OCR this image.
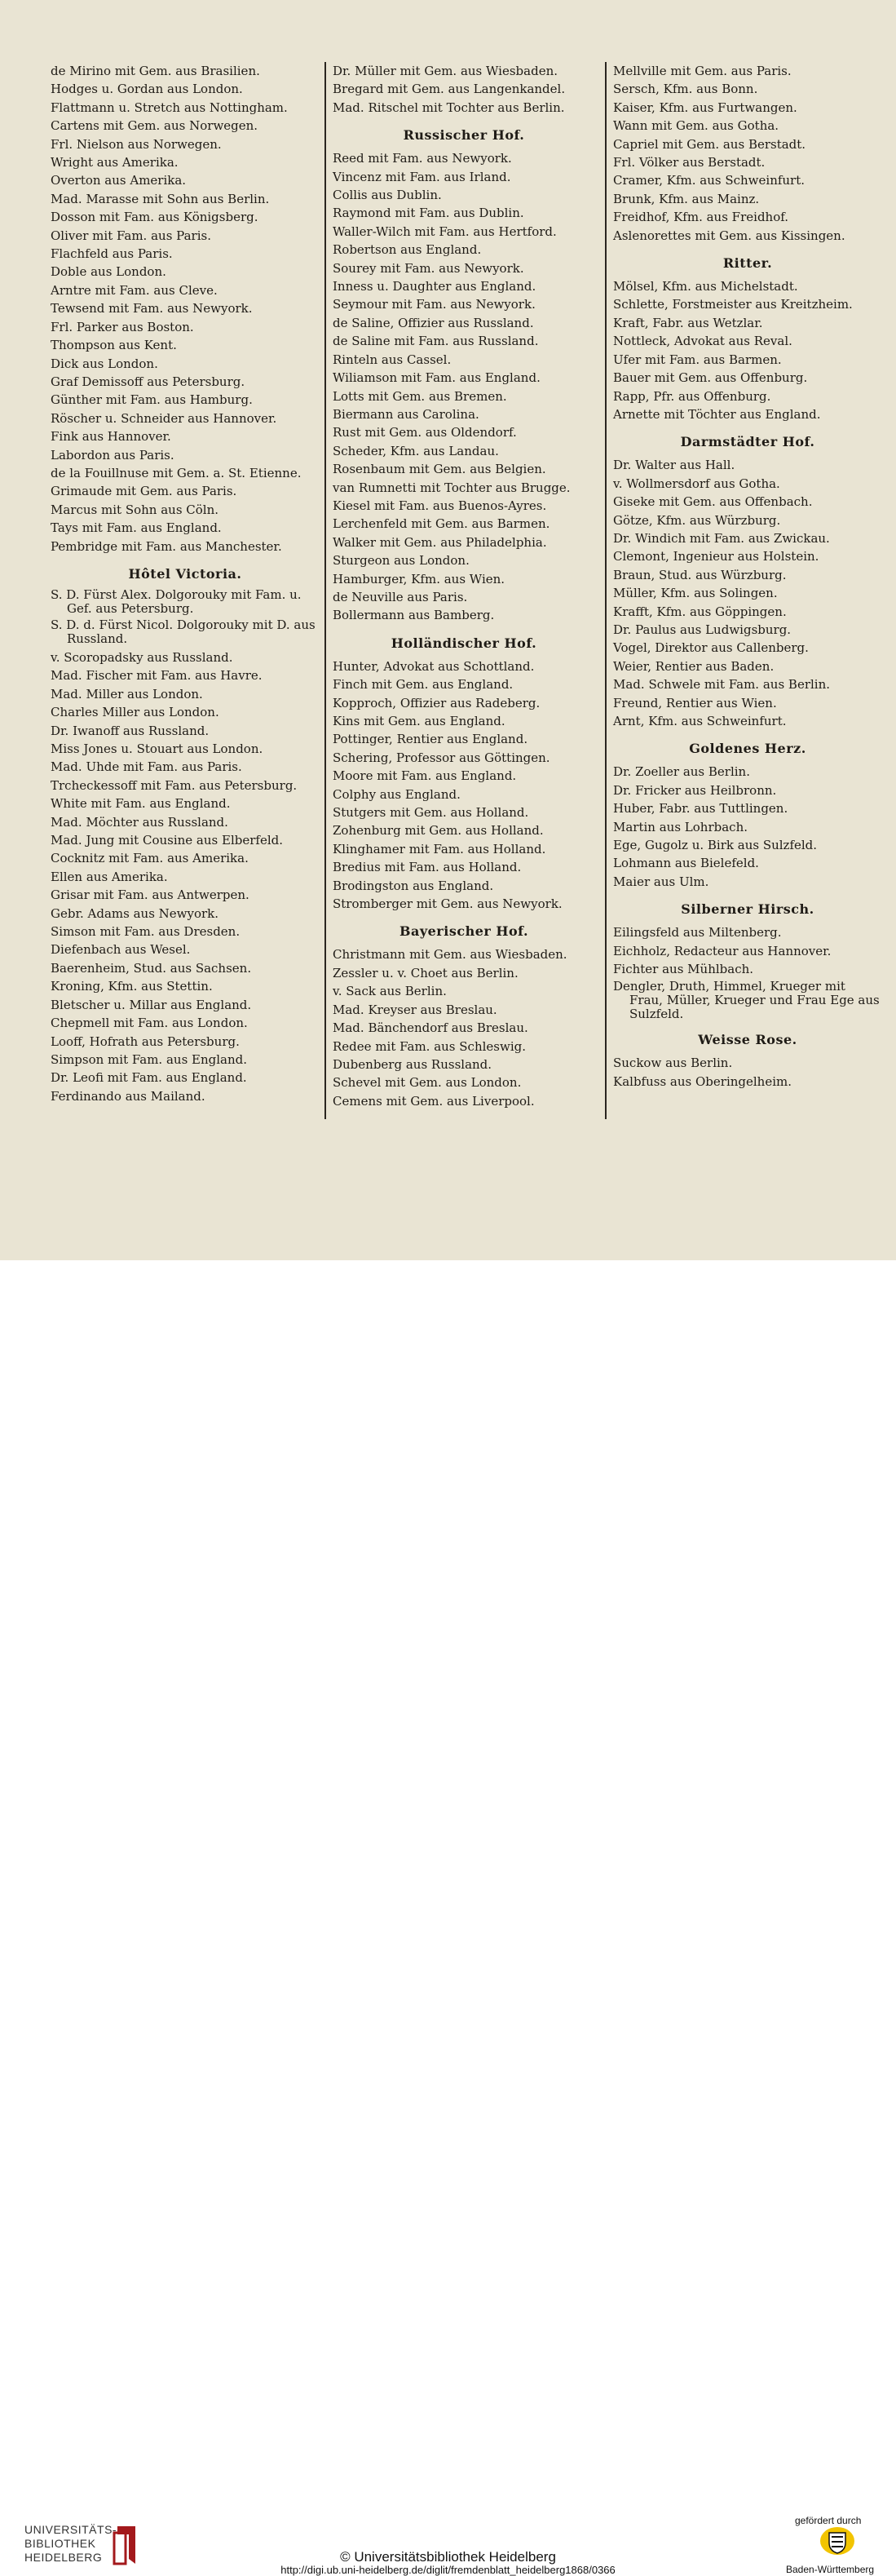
de Mirino mit Gem. aus Brasilien.
Hodges u. Gordan aus London.
Flattmann u. Stretch aus Nottingham.
Cartens mit Gem. aus Norwegen.
Frl. Nielson aus Norwegen.
Wright aus Amerika.
Overton aus Amerika.
Mad. Marasse mit Sohn aus Berlin.
Dosson mit Fam. aus Königsberg.
Oliver mit Fam. aus Paris.
Flachfeld aus Paris.
Doble aus London.
Arntre mit Fam. aus Cleve.
Tewsend mit Fam. aus Newyork.
Frl. Parker aus Boston.
Thompson aus Kent.
Dick aus London.
Graf Demissoff aus Petersburg.
Günther mit Fam. aus Hamburg.
Röscher u. Schneider aus Hannover.
Fink aus Hannover.
Labordon aus Paris.
de la Fouillnuse mit Gem. a. St. Etienne.
Grimaude mit Gem. aus Paris.
Marcus mit Sohn aus Cöln.
Tays mit Fam. aus England.
Pembridge mit Fam. aus Manchester.
Hôtel Victoria.
S. D. Fürst Alex. Dolgorouky mit Fam. u. Gef. aus Petersburg.
S. D. d. Fürst Nicol. Dolgorouky mit D. aus Russland.
v. Scoropadsky aus Russland.
Mad. Fischer mit Fam. aus Havre.
Mad. Miller aus London.
Charles Miller aus London.
Dr. Iwanoff aus Russland.
Miss Jones u. Stouart aus London.
Mad. Uhde mit Fam. aus Paris.
Trcheckessoff mit Fam. aus Petersburg.
White mit Fam. aus England.
Mad. Möchter aus Russland.
Mad. Jung mit Cousine aus Elberfeld.
Cocknitz mit Fam. aus Amerika.
Ellen aus Amerika.
Grisar mit Fam. aus Antwerpen.
Gebr. Adams aus Newyork.
Simson mit Fam. aus Dresden.
Diefenbach aus Wesel.
Baerenheim, Stud. aus Sachsen.
Kroning, Kfm. aus Stettin.
Bletscher u. Millar aus England.
Chepmell mit Fam. aus London.
Looff, Hofrath aus Petersburg.
Simpson mit Fam. aus England.
Dr. Leofi mit Fam. aus England.
Ferdinando aus Mailand.
Dr. Müller mit Gem. aus Wiesbaden.
Bregard mit Gem. aus Langenkandel.
Mad. Ritschel mit Tochter aus Berlin.
Russischer Hof.
Reed mit Fam. aus Newyork.
Vincenz mit Fam. aus Irland.
Collis aus Dublin.
Raymond mit Fam. aus Dublin.
Waller-Wilch mit Fam. aus Hertford.
Robertson aus England.
Sourey mit Fam. aus Newyork.
Inness u. Daughter aus England.
Seymour mit Fam. aus Newyork.
de Saline, Offizier aus Russland.
de Saline mit Fam. aus Russland.
Rinteln aus Cassel.
Wiliamson mit Fam. aus England.
Lotts mit Gem. aus Bremen.
Biermann aus Carolina.
Rust mit Gem. aus Oldendorf.
Scheder, Kfm. aus Landau.
Rosenbaum mit Gem. aus Belgien.
van Rumnetti mit Tochter aus Brugge.
Kiesel mit Fam. aus Buenos-Ayres.
Lerchenfeld mit Gem. aus Barmen.
Walker mit Gem. aus Philadelphia.
Sturgeon aus London.
Hamburger, Kfm. aus Wien.
de Neuville aus Paris.
Bollermann aus Bamberg.
Holländischer Hof.
Hunter, Advokat aus Schottland.
Finch mit Gem. aus England.
Kopproch, Offizier aus Radeberg.
Kins mit Gem. aus England.
Pottinger, Rentier aus England.
Schering, Professor aus Göttingen.
Moore mit Fam. aus England.
Colphy aus England.
Stutgers mit Gem. aus Holland.
Zohenburg mit Gem. aus Holland.
Klinghamer mit Fam. aus Holland.
Bredius mit Fam. aus Holland.
Brodingston aus England.
Stromberger mit Gem. aus Newyork.
Bayerischer Hof.
Christmann mit Gem. aus Wiesbaden.
Zessler u. v. Choet aus Berlin.
v. Sack aus Berlin.
Mad. Kreyser aus Breslau.
Mad. Bänchendorf aus Breslau.
Redee mit Fam. aus Schleswig.
Dubenberg aus Russland.
Schevel mit Gem. aus London.
Cemens mit Gem. aus Liverpool.
Mellville mit Gem. aus Paris.
Sersch, Kfm. aus Bonn.
Kaiser, Kfm. aus Furtwangen.
Wann mit Gem. aus Gotha.
Capriel mit Gem. aus Berstadt.
Frl. Völker aus Berstadt.
Cramer, Kfm. aus Schweinfurt.
Brunk, Kfm. aus Mainz.
Freidhof, Kfm. aus Freidhof.
Aslenorettes mit Gem. aus Kissingen.
Ritter.
Mölsel, Kfm. aus Michelstadt.
Schlette, Forstmeister aus Kreitzheim.
Kraft, Fabr. aus Wetzlar.
Nottleck, Advokat aus Reval.
Ufer mit Fam. aus Barmen.
Bauer mit Gem. aus Offenburg.
Rapp, Pfr. aus Offenburg.
Arnette mit Töchter aus England.
Darmstädter Hof.
Dr. Walter aus Hall.
v. Wollmersdorf aus Gotha.
Giseke mit Gem. aus Offenbach.
Götze, Kfm. aus Würzburg.
Dr. Windich mit Fam. aus Zwickau.
Clemont, Ingenieur aus Holstein.
Braun, Stud. aus Würzburg.
Müller, Kfm. aus Solingen.
Krafft, Kfm. aus Göppingen.
Dr. Paulus aus Ludwigsburg.
Vogel, Direktor aus Callenberg.
Weier, Rentier aus Baden.
Mad. Schwele mit Fam. aus Berlin.
Freund, Rentier aus Wien.
Arnt, Kfm. aus Schweinfurt.
Goldenes Herz.
Dr. Zoeller aus Berlin.
Dr. Fricker aus Heilbronn.
Huber, Fabr. aus Tuttlingen.
Martin aus Lohrbach.
Ege, Gugolz u. Birk aus Sulzfeld.
Lohmann aus Bielefeld.
Maier aus Ulm.
Silberner Hirsch.
Eilingsfeld aus Miltenberg.
Eichholz, Redacteur aus Hannover.
Fichter aus Mühlbach.
Dengler, Druth, Himmel, Krueger mit Frau, Müller, Krueger und Frau Ege aus Sulzfeld.
Weisse Rose.
Suckow aus Berlin.
Kalbfuss aus Oberingelheim.
UNIVERSITÄTS-
BIBLIOTHEK
HEIDELBERG	© Universitätsbibliothek Heidelberg
http://digi.ub.uni-heidelberg.de/diglit/fremdenblatt_heidelberg1868/0366
gefördert durch
Baden-Württemberg
